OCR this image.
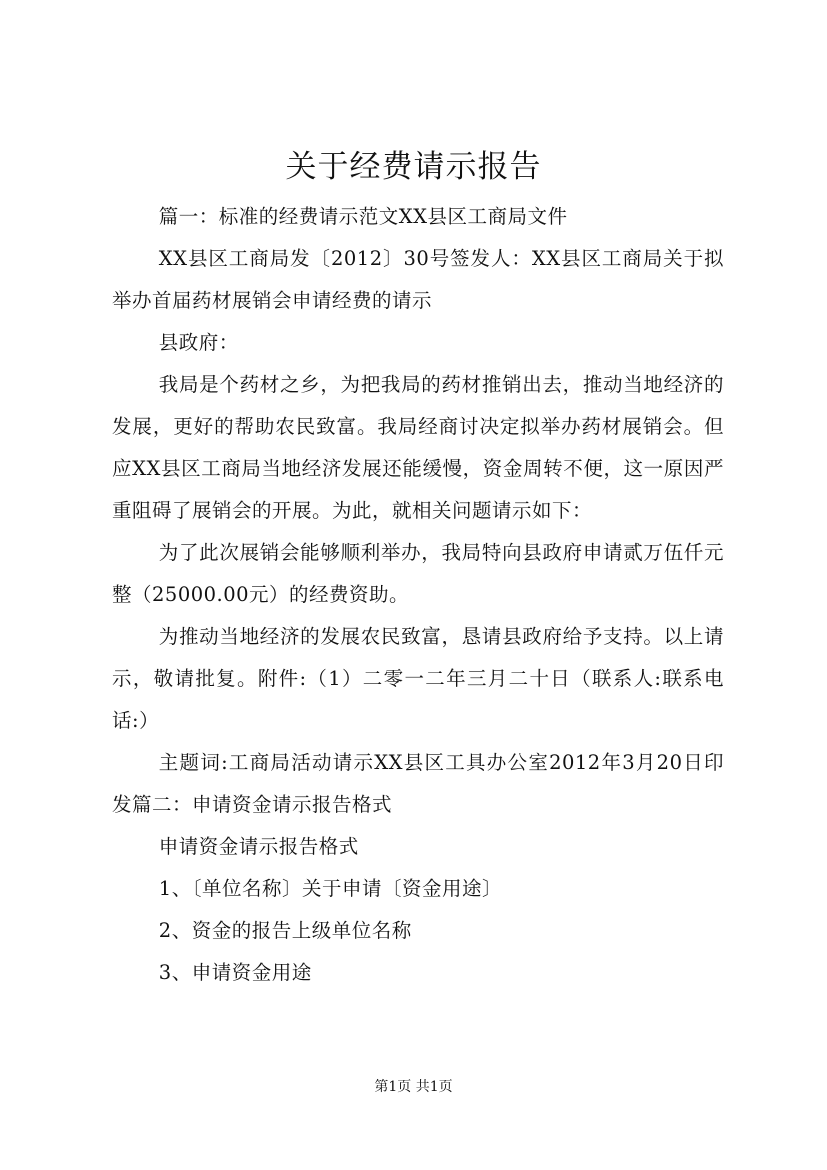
关于经费请示报告

篇一：标准的经费请示范文XX县区工商局文件

XX县区工商局发〔2012〕30号签发人：XX县区工商局关于拟举办首届药材展销会申请经费的请示

县政府：

我局是个药材之乡，为把我局的药材推销出去，推动当地经济的发展，更好的帮助农民致富。我局经商讨决定拟举办药材展销会。但应XX县区工商局当地经济发展还能缓慢，资金周转不便，这一原因严重阻碍了展销会的开展。为此，就相关问题请示如下：

为了此次展销会能够顺利举办，我局特向县政府申请贰万伍仟元整（25000.00元）的经费资助。

为推动当地经济的发展农民致富，恳请县政府给予支持。以上请示，敬请批复。附件:（1）二零一二年三月二十日（联系人:联系电话:）

主题词:工商局活动请示XX县区工具办公室2012年3月20日印发篇二：申请资金请示报告格式

申请资金请示报告格式

1、〔单位名称〕关于申请〔资金用途〕

2、资金的报告上级单位名称

3、申请资金用途

第1页 共1页
